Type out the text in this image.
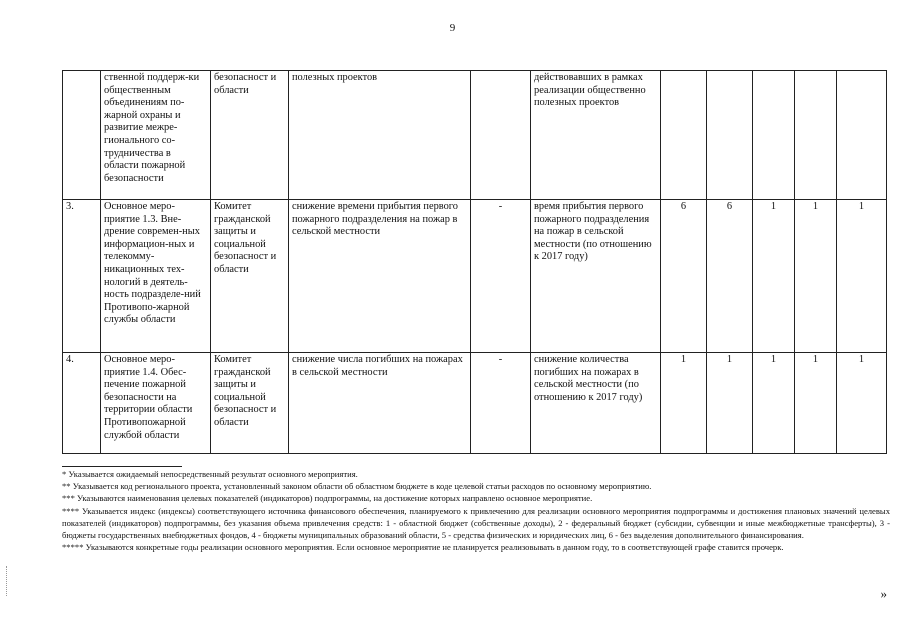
9
	ственной поддерж-ки общественным объединениям по-жарной охраны и развитие межре-гионального со-трудничества в области пожарной безопасности	безопасност и области	полезных проектов		действовавших в рамках реализации общественно полезных проектов					
3.	Основное меро-приятие 1.3. Вне-дрение современ-ных информацион-ных и телекомму-никационных тех-нологий в деятель-ность подразделе-ний Противопо-жарной службы области	Комитет гражданской защиты и социальной безопасност и области	снижение времени прибытия первого пожарного подразделения на пожар в сельской местности	-	время прибытия первого пожарного подразделения на пожар в сельской местности (по отношению к 2017 году)	6	6	1	1	1
4.	Основное меро-приятие 1.4. Обес-печение пожарной безопасности на территории области Противопожарной службой области	Комитет гражданской защиты и социальной безопасност и области	снижение числа погибших на пожарах в сельской местности	-	снижение количества погибших на пожарах в сельской местности (по отношению к 2017 году)	1	1	1	1	1

* Указывается ожидаемый непосредственный результат основного мероприятия.

** Указывается код регионального проекта, установленный законом области об областном бюджете в коде целевой статьи расходов по основному мероприятию.

*** Указываются наименования целевых показателей (индикаторов) подпрограммы, на достижение которых направлено основное мероприятие.

**** Указывается индекс (индексы) соответствующего источника финансового обеспечения, планируемого к привлечению для реализации основного мероприятия подпрограммы и достижения плановых значений целевых показателей (индикаторов) подпрограммы, без указания объема привлечения средств: 1 - областной бюджет (собственные доходы), 2 - федеральный бюджет (субсидии, субвенции и иные межбюджетные трансферты), 3 - бюджеты государственных внебюджетных фондов, 4 - бюджеты муниципальных образований области, 5 - средства физических и юридических лиц, 6 - без выделения дополнительного финансирования.

***** Указываются конкретные годы реализации основного мероприятия. Если основное мероприятие не планируется реализовывать в данном году, то в соответствующей графе ставится прочерк.

»
